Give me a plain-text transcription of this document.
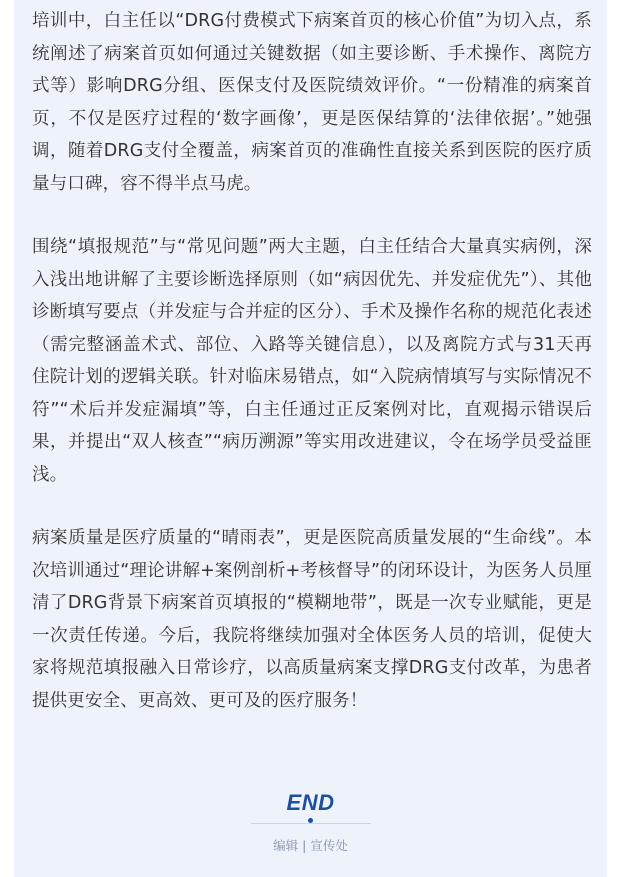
培训中，白主任以“DRG付费模式下病案首页的核心价值”为切入点，系统阐述了病案首页如何通过关键数据（如主要诊断、手术操作、离院方式等）影响DRG分组、医保支付及医院绩效评价。“一份精准的病案首页，不仅是医疗过程的‘数字画像’，更是医保结算的‘法律依据’。”她强调，随着DRG支付全覆盖，病案首页的准确性直接关系到医院的医疗质量与口碑，容不得半点马虎。

围绕“填报规范”与“常见问题”两大主题，白主任结合大量真实病例，深入浅出地讲解了主要诊断选择原则（如“病因优先、并发症优先”）、其他诊断填写要点（并发症与合并症的区分）、手术及操作名称的规范化表述（需完整涵盖术式、部位、入路等关键信息），以及离院方式与31天再住院计划的逻辑关联。针对临床易错点，如“入院病情填写与实际情况不符”“术后并发症漏填”等，白主任通过正反案例对比，直观揭示错误后果，并提出“双人核查”“病历溯源”等实用改进建议，令在场学员受益匪浅。

病案质量是医疗质量的“晴雨表”，更是医院高质量发展的“生命线”。本次培训通过“理论讲解+案例剖析+考核督导”的闭环设计，为医务人员厘清了DRG背景下病案首页填报的“模糊地带”，既是一次专业赋能，更是一次责任传递。今后，我院将继续加强对全体医务人员的培训，促使大家将规范填报融入日常诊疗，以高质量病案支撑DRG支付改革，为患者提供更安全、更高效、更可及的医疗服务！

END
编辑 | 宣传处
